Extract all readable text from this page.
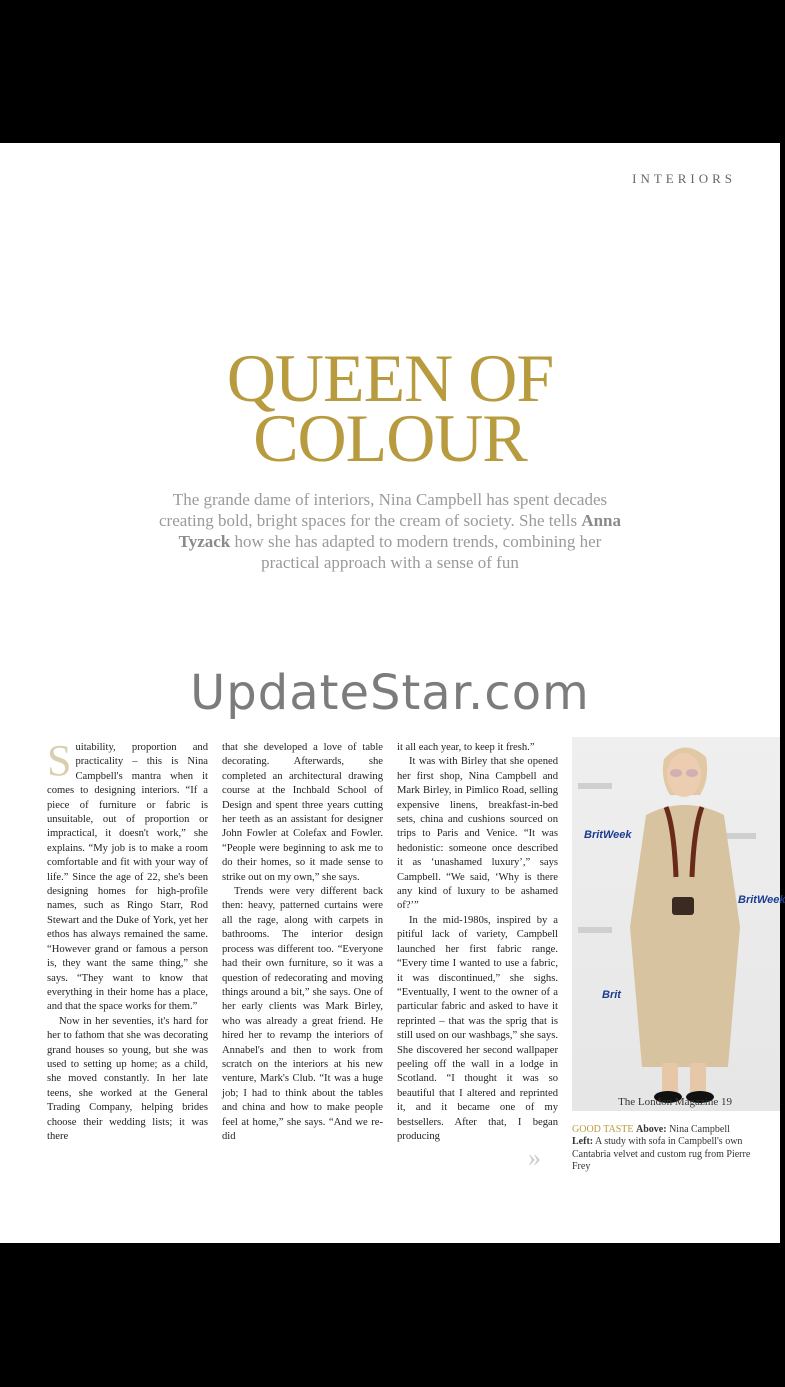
INTERIORS
QUEEN OF
COLOUR
The grande dame of interiors, Nina Campbell has spent decades creating bold, bright spaces for the cream of society. She tells Anna Tyzack how she has adapted to modern trends, combining her practical approach with a sense of fun
UpdateStar.com

Suitability, proportion and practicality – this is Nina Campbell's mantra when it comes to designing interiors. “If a piece of furniture or fabric is unsuitable, out of proportion or impractical, it doesn't work,” she explains. “My job is to make a room comfortable and fit with your way of life.” Since the age of 22, she's been designing homes for high-profile names, such as Ringo Starr, Rod Stewart and the Duke of York, yet her ethos has always remained the same. “However grand or famous a person is, they want the same thing,” she says. “They want to know that everything in their home has a place, and that the space works for them.”

Now in her seventies, it's hard for her to fathom that she was decorating grand houses so young, but she was used to setting up home; as a child, she moved constantly. In her late teens, she worked at the General Trading Company, helping brides choose their wedding lists; it was there

that she developed a love of table decorating. Afterwards, she completed an architectural drawing course at the Inchbald School of Design and spent three years cutting her teeth as an assistant for designer John Fowler at Colefax and Fowler. “People were beginning to ask me to do their homes, so it made sense to strike out on my own,” she says.

Trends were very different back then: heavy, patterned curtains were all the rage, along with carpets in bathrooms. The interior design process was different too. “Everyone had their own furniture, so it was a question of redecorating and moving things around a bit,” she says. One of her early clients was Mark Birley, who was already a great friend. He hired her to revamp the interiors of Annabel's and then to work from scratch on the interiors at his new venture, Mark's Club. “It was a huge job; I had to think about the tables and china and how to make people feel at home,” she says. “And we re-did

it all each year, to keep it fresh.”

It was with Birley that she opened her first shop, Nina Campbell and Mark Birley, in Pimlico Road, selling expensive linens, breakfast-in-bed sets, china and cushions sourced on trips to Paris and Venice. “It was hedonistic: someone once described it as ‘unashamed luxury’,” says Campbell. “We said, ‘Why is there any kind of luxury to be ashamed of?’”

In the mid-1980s, inspired by a pitiful lack of variety, Campbell launched her first fabric range. “Every time I wanted to use a fabric, it was discontinued,” she sighs. “Eventually, I went to the owner of a particular fabric and asked to have it reprinted – that was the sprig that is still used on our washbags,” she says. She discovered her second wallpaper peeling off the wall in a lodge in Scotland. “I thought it was so beautiful that I altered and reprinted it, and it became one of my bestsellers. After that, I began producing

»
BritWeek
BritWeek
Brit
GOOD TASTE Above: Nina Campbell Left: A study with sofa in Campbell's own Cantabria velvet and custom rug from Pierre Frey
The London Magazine 19
